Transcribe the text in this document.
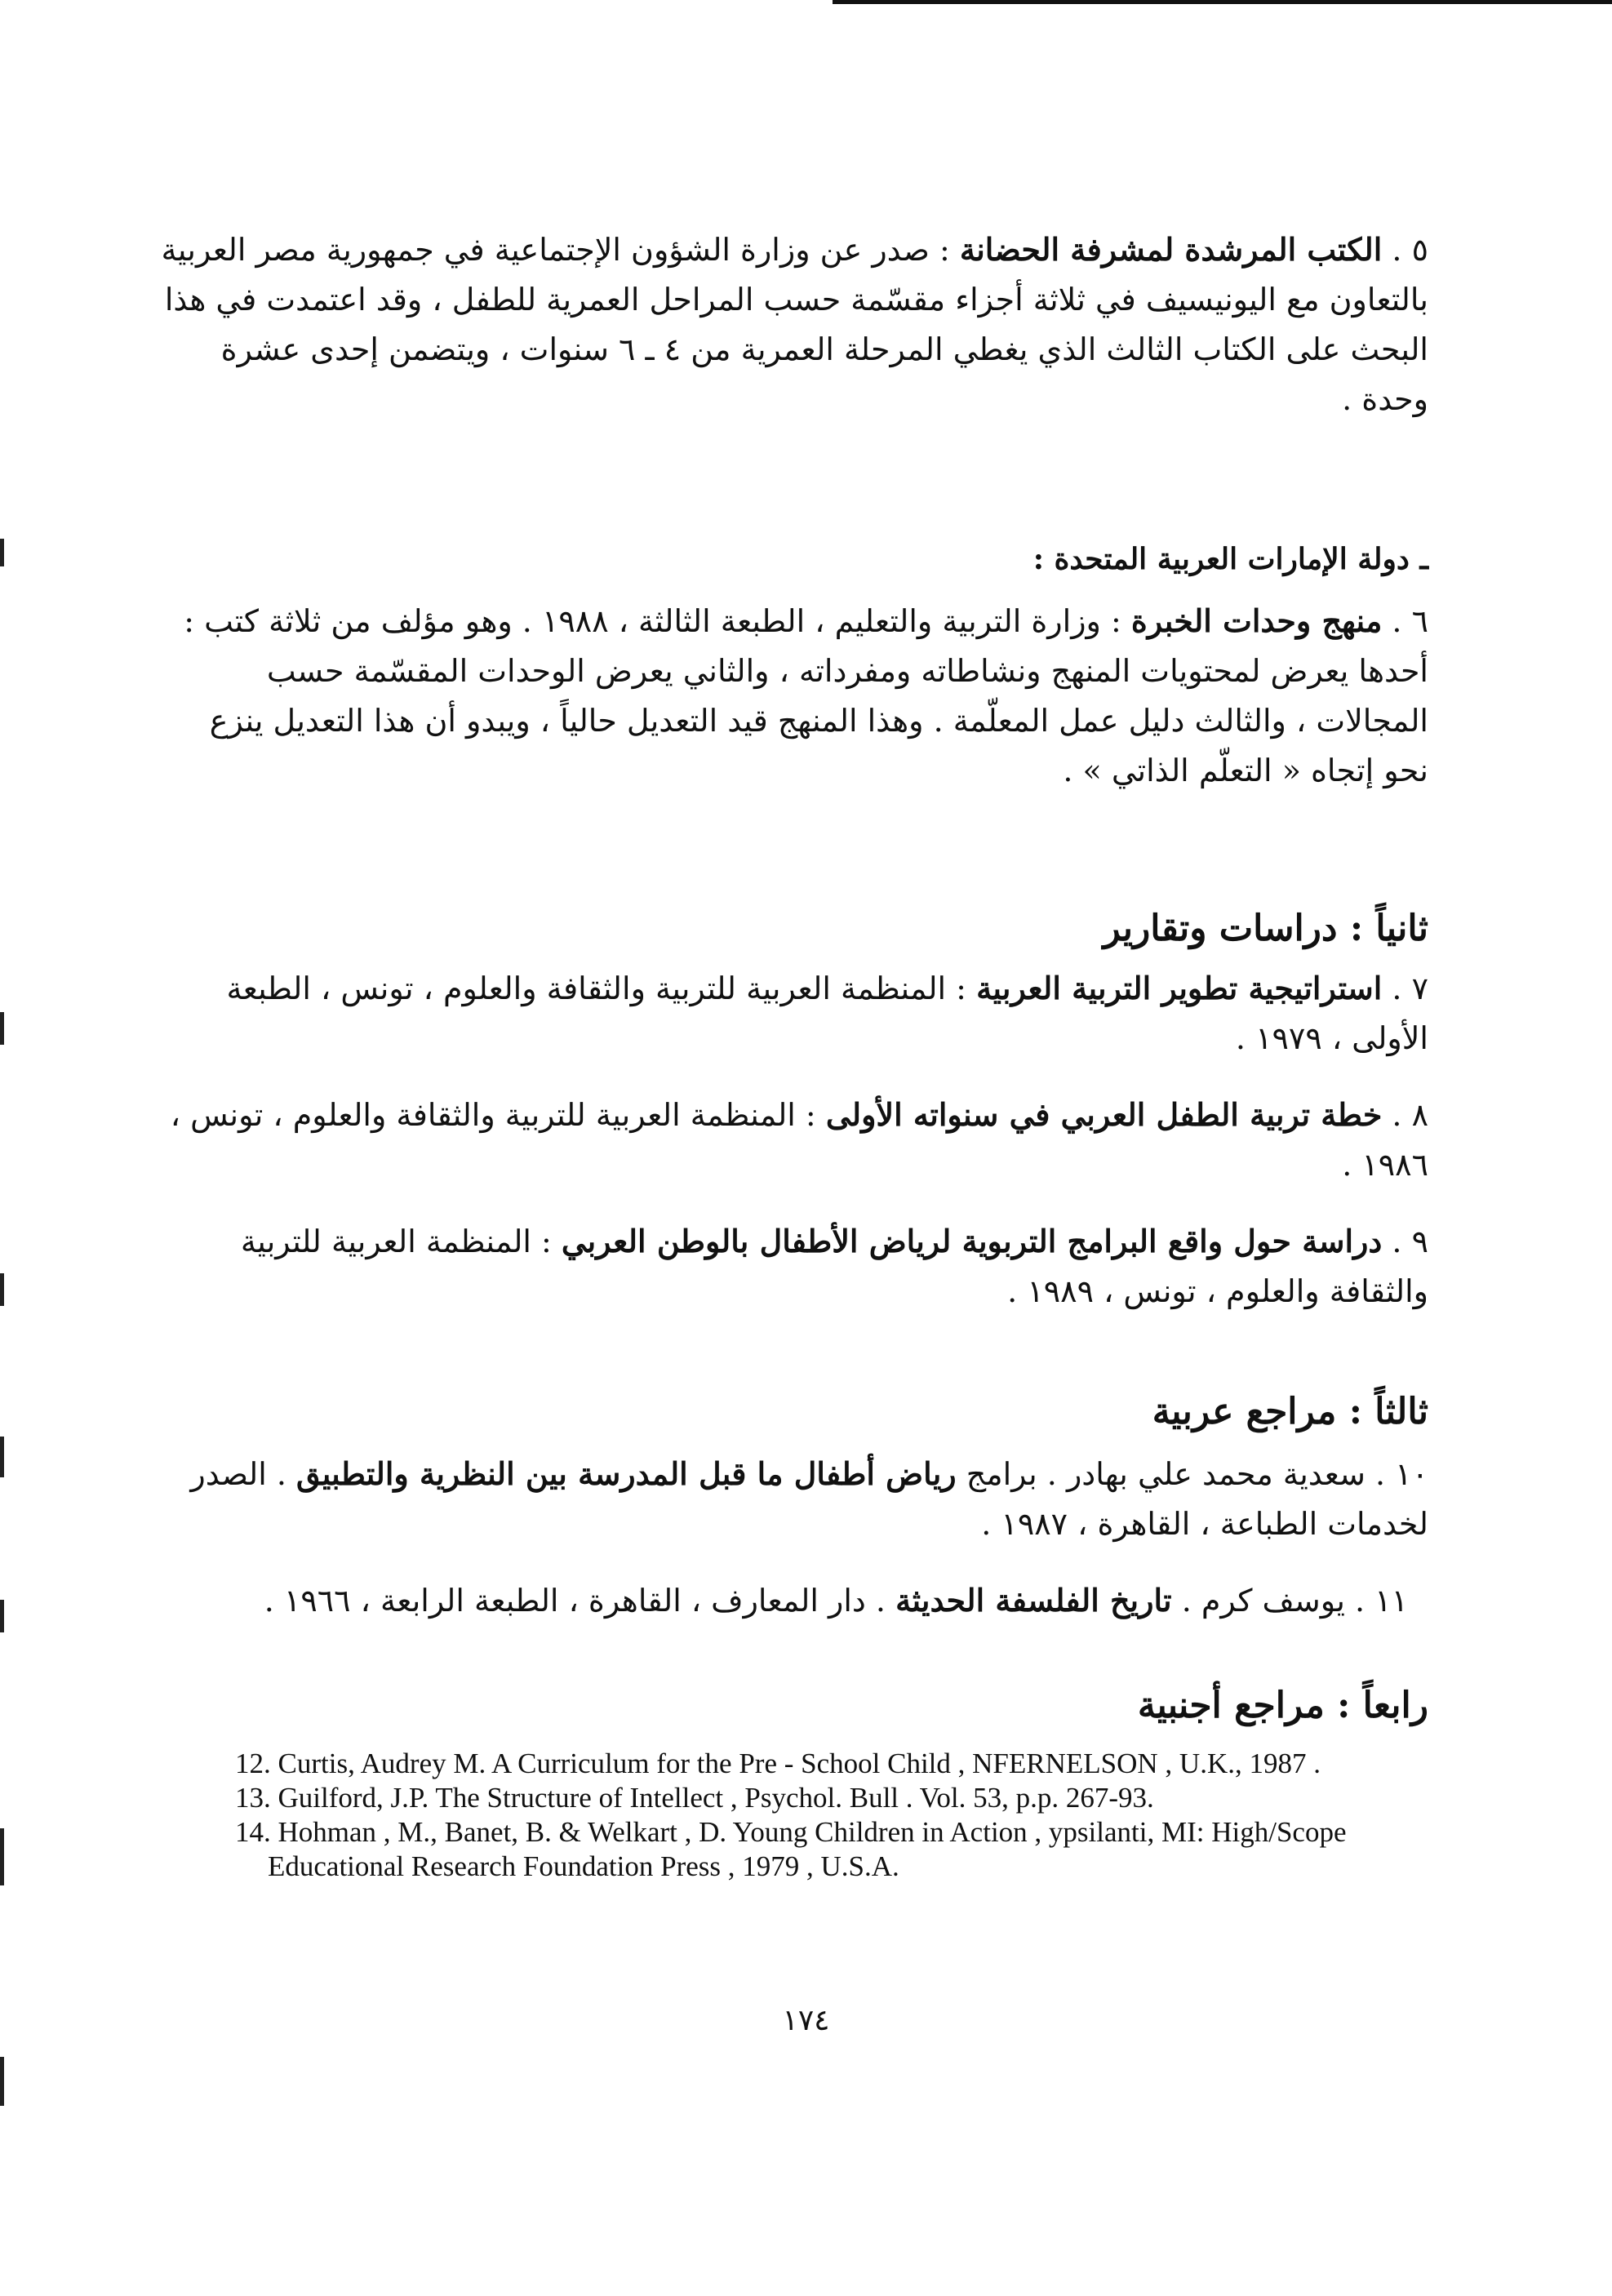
٥ . الكتب المرشدة لمشرفة الحضانة : صدر عن وزارة الشؤون الإجتماعية في جمهورية مصر العربية بالتعاون مع اليونيسيف في ثلاثة أجزاء مقسّمة حسب المراحل العمرية للطفل ، وقد اعتمدت في هذا البحث على الكتاب الثالث الذي يغطي المرحلة العمرية من ٤ ـ ٦ سنوات ، ويتضمن إحدى عشرة وحدة .
ـ دولة الإمارات العربية المتحدة :
٦ . منهج وحدات الخبرة : وزارة التربية والتعليم ، الطبعة الثالثة ، ١٩٨٨ . وهو مؤلف من ثلاثة كتب : أحدها يعرض لمحتويات المنهج ونشاطاته ومفرداته ، والثاني يعرض الوحدات المقسّمة حسب المجالات ، والثالث دليل عمل المعلّمة . وهذا المنهج قيد التعديل حالياً ، ويبدو أن هذا التعديل ينزع نحو إتجاه « التعلّم الذاتي » .
ثانياً : دراسات وتقارير
٧ . استراتيجية تطوير التربية العربية : المنظمة العربية للتربية والثقافة والعلوم ، تونس ، الطبعة الأولى ، ١٩٧٩ .
٨ . خطة تربية الطفل العربي في سنواته الأولى : المنظمة العربية للتربية والثقافة والعلوم ، تونس ، ١٩٨٦ .
٩ . دراسة حول واقع البرامج التربوية لرياض الأطفال بالوطن العربي : المنظمة العربية للتربية والثقافة والعلوم ، تونس ، ١٩٨٩ .
ثالثاً : مراجع عربية
١٠ . سعدية محمد علي بهادر . برامج رياض أطفال ما قبل المدرسة بين النظرية والتطبيق . الصدر لخدمات الطباعة ، القاهرة ، ١٩٨٧ .
١١ . يوسف كرم . تاريخ الفلسفة الحديثة . دار المعارف ، القاهرة ، الطبعة الرابعة ، ١٩٦٦ .
رابعاً : مراجع أجنبية
12. Curtis, Audrey M. A Curriculum for the Pre - School Child , NFERNELSON , U.K., 1987 .
13. Guilford, J.P. The Structure of Intellect , Psychol. Bull . Vol. 53, p.p. 267-93.
14. Hohman , M., Banet, B. & Welkart , D. Young Children in Action , ypsilanti, MI: High/Scope Educational Research Foundation Press , 1979 , U.S.A.
١٧٤
